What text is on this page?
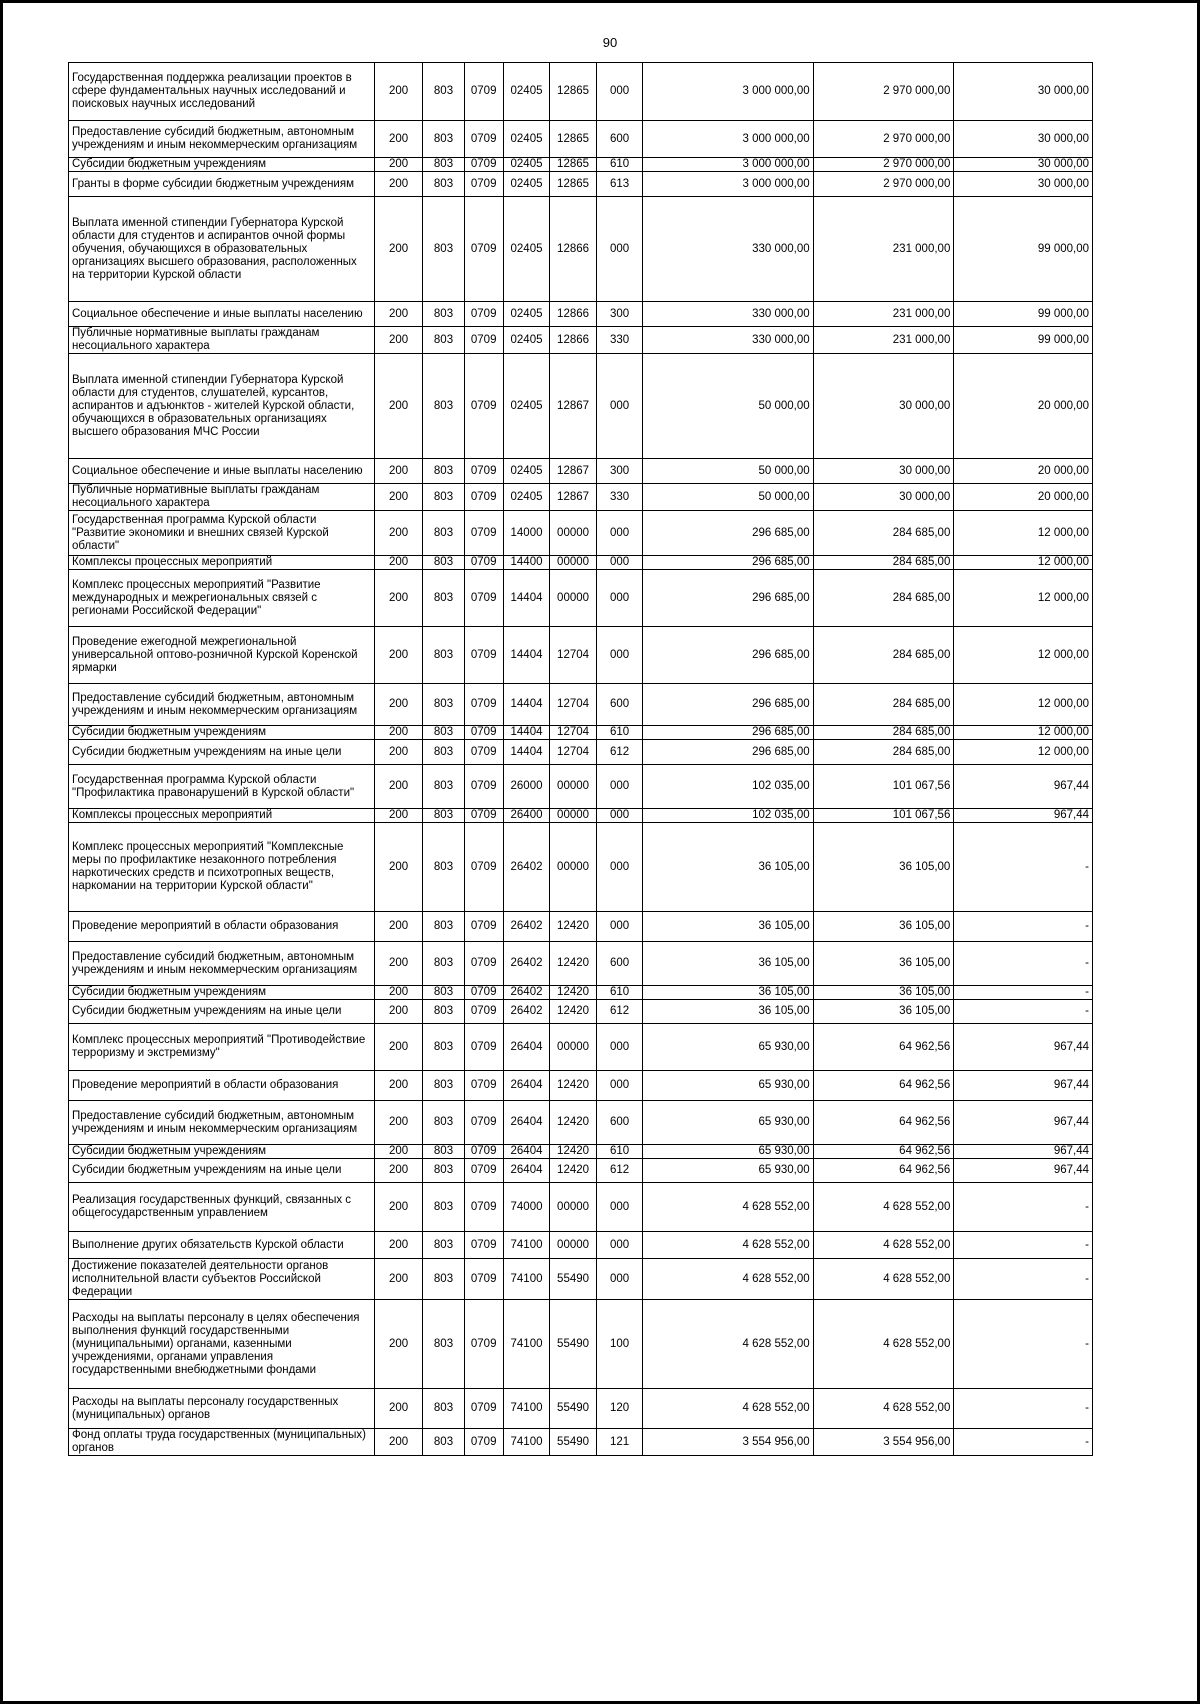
90
Государственная поддержка реализации проектов в сфере фундаментальных научных исследований и поисковых научных исследований	200	803	0709	02405	12865	000	3 000 000,00	2 970 000,00	30 000,00
Предоставление субсидий бюджетным, автономным учреждениям и иным некоммерческим организациям	200	803	0709	02405	12865	600	3 000 000,00	2 970 000,00	30 000,00
Субсидии бюджетным учреждениям	200	803	0709	02405	12865	610	3 000 000,00	2 970 000,00	30 000,00
Гранты в форме субсидии бюджетным учреждениям	200	803	0709	02405	12865	613	3 000 000,00	2 970 000,00	30 000,00
Выплата именной стипендии Губернатора Курской области для студентов и аспирантов очной формы обучения, обучающихся в образовательных организациях высшего образования, расположенных на территории Курской области	200	803	0709	02405	12866	000	330 000,00	231 000,00	99 000,00
Социальное обеспечение и иные выплаты населению	200	803	0709	02405	12866	300	330 000,00	231 000,00	99 000,00
Публичные нормативные выплаты гражданам несоциального характера	200	803	0709	02405	12866	330	330 000,00	231 000,00	99 000,00
Выплата именной стипендии Губернатора Курской области для студентов, слушателей, курсантов, аспирантов и адъюнктов - жителей Курской области, обучающихся в образовательных организациях высшего образования МЧС России	200	803	0709	02405	12867	000	50 000,00	30 000,00	20 000,00
Социальное обеспечение и иные выплаты населению	200	803	0709	02405	12867	300	50 000,00	30 000,00	20 000,00
Публичные нормативные выплаты гражданам несоциального характера	200	803	0709	02405	12867	330	50 000,00	30 000,00	20 000,00
Государственная программа Курской области "Развитие экономики и внешних связей Курской области"	200	803	0709	14000	00000	000	296 685,00	284 685,00	12 000,00
Комплексы процессных мероприятий	200	803	0709	14400	00000	000	296 685,00	284 685,00	12 000,00
Комплекс процессных мероприятий "Развитие международных и межрегиональных связей с регионами Российской Федерации"	200	803	0709	14404	00000	000	296 685,00	284 685,00	12 000,00
Проведение ежегодной межрегиональной универсальной оптово-розничной Курской Коренской ярмарки	200	803	0709	14404	12704	000	296 685,00	284 685,00	12 000,00
Предоставление субсидий бюджетным, автономным учреждениям и иным некоммерческим организациям	200	803	0709	14404	12704	600	296 685,00	284 685,00	12 000,00
Субсидии бюджетным учреждениям	200	803	0709	14404	12704	610	296 685,00	284 685,00	12 000,00
Субсидии бюджетным учреждениям на иные цели	200	803	0709	14404	12704	612	296 685,00	284 685,00	12 000,00
Государственная программа Курской области "Профилактика правонарушений в Курской области"	200	803	0709	26000	00000	000	102 035,00	101 067,56	967,44
Комплексы процессных мероприятий	200	803	0709	26400	00000	000	102 035,00	101 067,56	967,44
Комплекс процессных мероприятий "Комплексные меры по профилактике незаконного потребления наркотических средств и психотропных веществ, наркомании на территории Курской области"	200	803	0709	26402	00000	000	36 105,00	36 105,00	-
Проведение мероприятий в области образования	200	803	0709	26402	12420	000	36 105,00	36 105,00	-
Предоставление субсидий бюджетным, автономным учреждениям и иным некоммерческим организациям	200	803	0709	26402	12420	600	36 105,00	36 105,00	-
Субсидии бюджетным учреждениям	200	803	0709	26402	12420	610	36 105,00	36 105,00	-
Субсидии бюджетным учреждениям на иные цели	200	803	0709	26402	12420	612	36 105,00	36 105,00	-
Комплекс процессных мероприятий "Противодействие терроризму и экстремизму"	200	803	0709	26404	00000	000	65 930,00	64 962,56	967,44
Проведение мероприятий в области образования	200	803	0709	26404	12420	000	65 930,00	64 962,56	967,44
Предоставление субсидий бюджетным, автономным учреждениям и иным некоммерческим организациям	200	803	0709	26404	12420	600	65 930,00	64 962,56	967,44
Субсидии бюджетным учреждениям	200	803	0709	26404	12420	610	65 930,00	64 962,56	967,44
Субсидии бюджетным учреждениям на иные цели	200	803	0709	26404	12420	612	65 930,00	64 962,56	967,44
Реализация государственных функций, связанных с общегосударственным управлением	200	803	0709	74000	00000	000	4 628 552,00	4 628 552,00	-
Выполнение других обязательств Курской области	200	803	0709	74100	00000	000	4 628 552,00	4 628 552,00	-
Достижение показателей деятельности органов исполнительной власти субъектов Российской Федерации	200	803	0709	74100	55490	000	4 628 552,00	4 628 552,00	-
Расходы на выплаты персоналу в целях обеспечения выполнения функций государственными (муниципальными) органами, казенными учреждениями, органами управления государственными внебюджетными фондами	200	803	0709	74100	55490	100	4 628 552,00	4 628 552,00	-
Расходы на выплаты персоналу государственных (муниципальных) органов	200	803	0709	74100	55490	120	4 628 552,00	4 628 552,00	-
Фонд оплаты труда государственных (муниципальных) органов	200	803	0709	74100	55490	121	3 554 956,00	3 554 956,00	-
